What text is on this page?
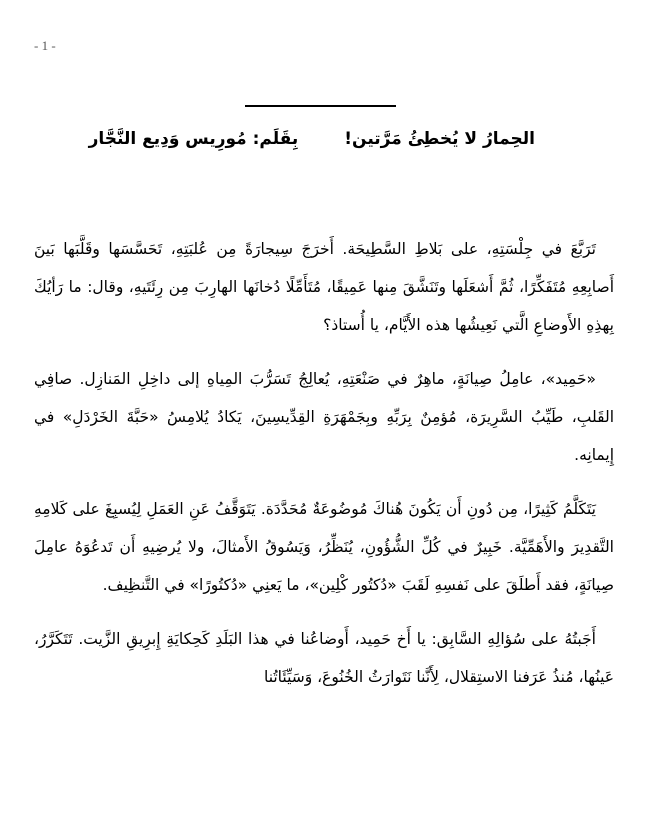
- 1 -
الحِمارُ لا يُخطِئُ مَرَّتين!
بِقَلَم: مُورِيس وَدِيع النَّجَّار

تَرَبَّعَ في جِلْسَتِهِ، على بَلاطِ السَّطِيحَة. أَخرَجَ سِيجارَةً مِن عُلبَتِهِ، تَحَسَّسَها وقَلَّبَها بَينَ أَصابِعِهِ مُتَفَكِّرًا، ثُمَّ أَشعَلَها وتَنَشَّقَ مِنها عَمِيقًا، مُتَأَمِّلًا دُخانَها الهارِبَ مِن رِئَتَيهِ، وقال: ما رَأيُكَ بِهذِهِ الأَوضاعِ الَّتي نَعِيشُها هذه الأَيَّام، يا أُستاذ؟

«حَمِيد»، عامِلُ صِيانَةٍ، ماهِرٌ في صَنْعَتِهِ، يُعالِجُ تَسَرُّبَ المِياهِ إلى داخِلِ المَنازِل. صافِي القَلبِ، طَيِّبُ السَّرِيرَة، مُؤمِنٌ بِرَبِّهِ وبِجَمْهَرَةِ القِدِّيسِينَ، يَكادُ يُلامِسُ «حَبَّةَ الخَرْدَلِ» في إِيمانِه.

يَتَكَلَّمُ كَثِيرًا، مِن دُونِ أَن يَكُونَ هُناكَ مُوضُوعَةٌ مُحَدَّدَة. يَتَوَقَّفُ عَنِ العَمَلِ لِيُسبِغَ على كَلامِهِ التَّقدِيرَ والأَهَمِّيَّة. خَبِيرٌ في كُلِّ الشُّؤُونِ، يُنَظِّرُ، وَيَسُوقُ الأَمثالَ، ولا يُرضِيهِ أَن تَدعُوَهُ عامِلَ صِيانَةٍ، فقد أَطلَقَ على نَفسِهِ لَقَبَ «دُكتُور كْلِين»، ما يَعنِي «دُكتُورًا» في التَّنظِيف.

أَجَبتُهُ على سُؤالِهِ السَّابِق: يا أَخ حَمِيد، أَوضاعُنا في هذا البَلَدِ كَحِكايَةِ إِبرِيقِ الزَّيت. تَتَكَرَّرُ، عَينُها، مُنذُ عَرَفنا الاستِقلال، لِأَنَّنا نَتَوارَثُ الخُنُوعَ، وَسَيِّئَاتُنا
